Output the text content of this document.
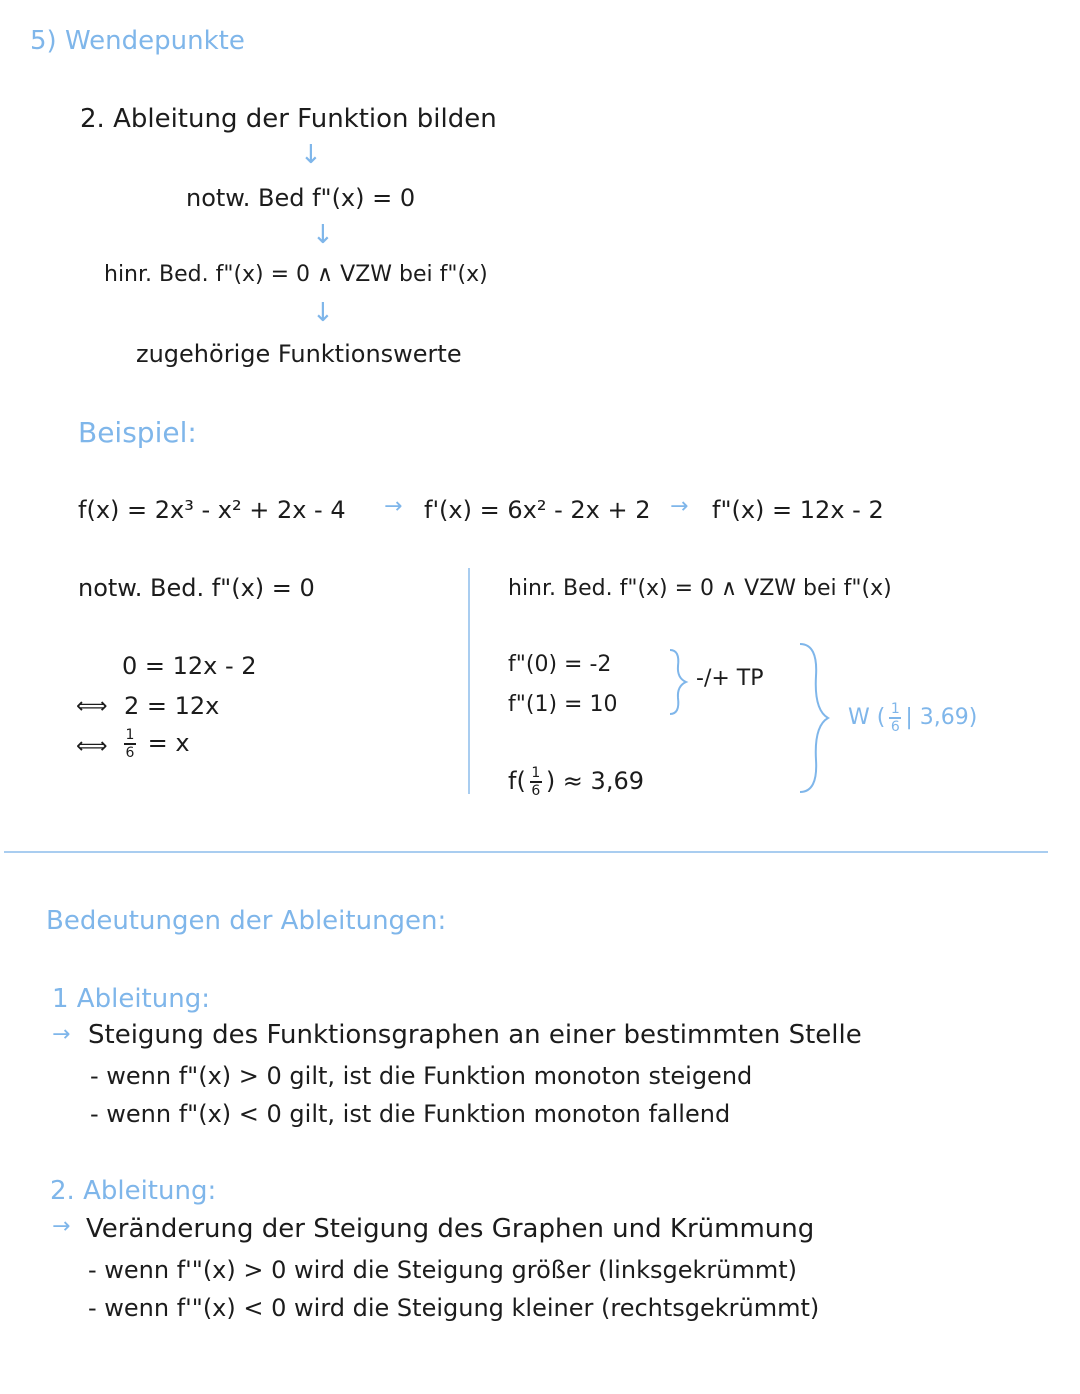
5) Wendepunkte
2. Ableitung der Funktion bilden
↓
notw. Bed f"(x) = 0
↓
hinr. Bed. f"(x) = 0 ∧ VZW bei f"(x)
↓
zugehörige Funktionswerte
Beispiel:
f(x) = 2x³ - x² + 2x - 4 → f'(x) = 6x² - 2x + 2 → f"(x) = 12x - 2
notw. Bed. f"(x) = 0
0 = 12x - 2
⟺ 2 = 12x
⟺ $\frac{1}{6} = x$
hinr. Bed. f"(x) = 0 ∧ VZW bei f"(x)
f"(0) = -2
f"(1) = 10
-/+ TP
$f( \frac{1}{6}$ ) ≈ 3,69
W ( $\frac{1}{6}$ | 3,69)
Bedeutungen der Ableitungen:
1 Ableitung:
→ Steigung des Funktionsgraphen an einer bestimmten Stelle
- wenn f"(x) > 0 gilt, ist die Funktion monoton steigend
- wenn f"(x) < 0 gilt, ist die Funktion monoton fallend
2. Ableitung:
→ Veränderung der Steigung des Graphen und Krümmung
- wenn f'"(x) > 0 wird die Steigung größer (linksgekrümmt)
- wenn f'"(x) < 0 wird die Steigung kleiner (rechtsgekrümmt)
